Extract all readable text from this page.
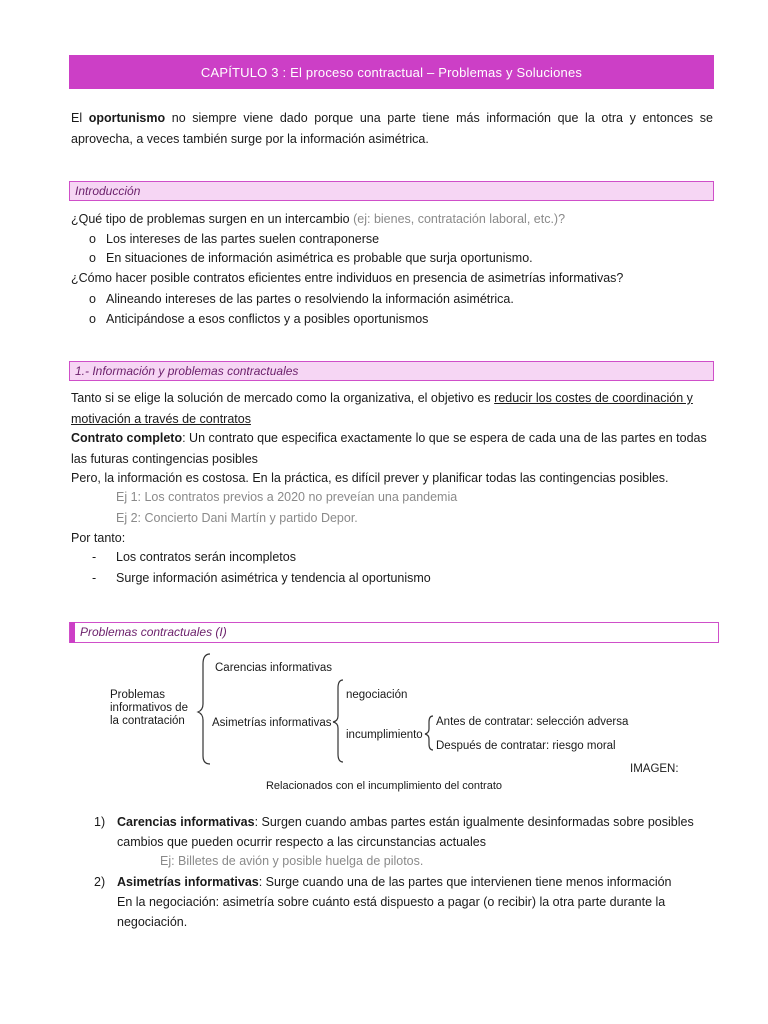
CAPÍTULO 3 : El proceso contractual – Problemas y Soluciones
El oportunismo no siempre viene dado porque una parte tiene más información que la otra y entonces se aprovecha, a veces también surge por la información asimétrica.
Introducción
¿Qué tipo de problemas surgen en un intercambio (ej: bienes, contratación laboral, etc.)?
o Los intereses de las partes suelen contraponerse
o En situaciones de información asimétrica es probable que surja oportunismo.
¿Cómo hacer posible contratos eficientes entre individuos en presencia de asimetrías informativas?
o Alineando intereses de las partes o resolviendo la información asimétrica.
o Anticipándose a esos conflictos y a posibles oportunismos
1.- Información y problemas contractuales
Tanto si se elige la solución de mercado como la organizativa, el objetivo es reducir los costes de coordinación y
motivación a través de contratos
Contrato completo: Un contrato que especifica exactamente lo que se espera de cada una de las partes en todas
las futuras contingencias posibles
Pero, la información es costosa. En la práctica, es difícil prever y planificar todas las contingencias posibles.
Ej 1: Los contratos previos a 2020 no preveían una pandemia
Ej 2: Concierto Dani Martín y partido Depor.
Por tanto:
- Los contratos serán incompletos
- Surge información asimétrica y tendencia al oportunismo
Problemas contractuales (I)
Problemas
informativos de
la contratación
Carencias informativas
Asimetrías informativas
negociación
incumplimiento
Antes de contratar: selección adversa
Después de contratar: riesgo moral
IMAGEN:
Relacionados con el incumplimiento del contrato
1) Carencias informativas: Surgen cuando ambas partes están igualmente desinformadas sobre posibles
cambios que pueden ocurrir respecto a las circunstancias actuales
Ej: Billetes de avión y posible huelga de pilotos.
2) Asimetrías informativas: Surge cuando una de las partes que intervienen tiene menos información
En la negociación: asimetría sobre cuánto está dispuesto a pagar (o recibir) la otra parte durante la
negociación.
